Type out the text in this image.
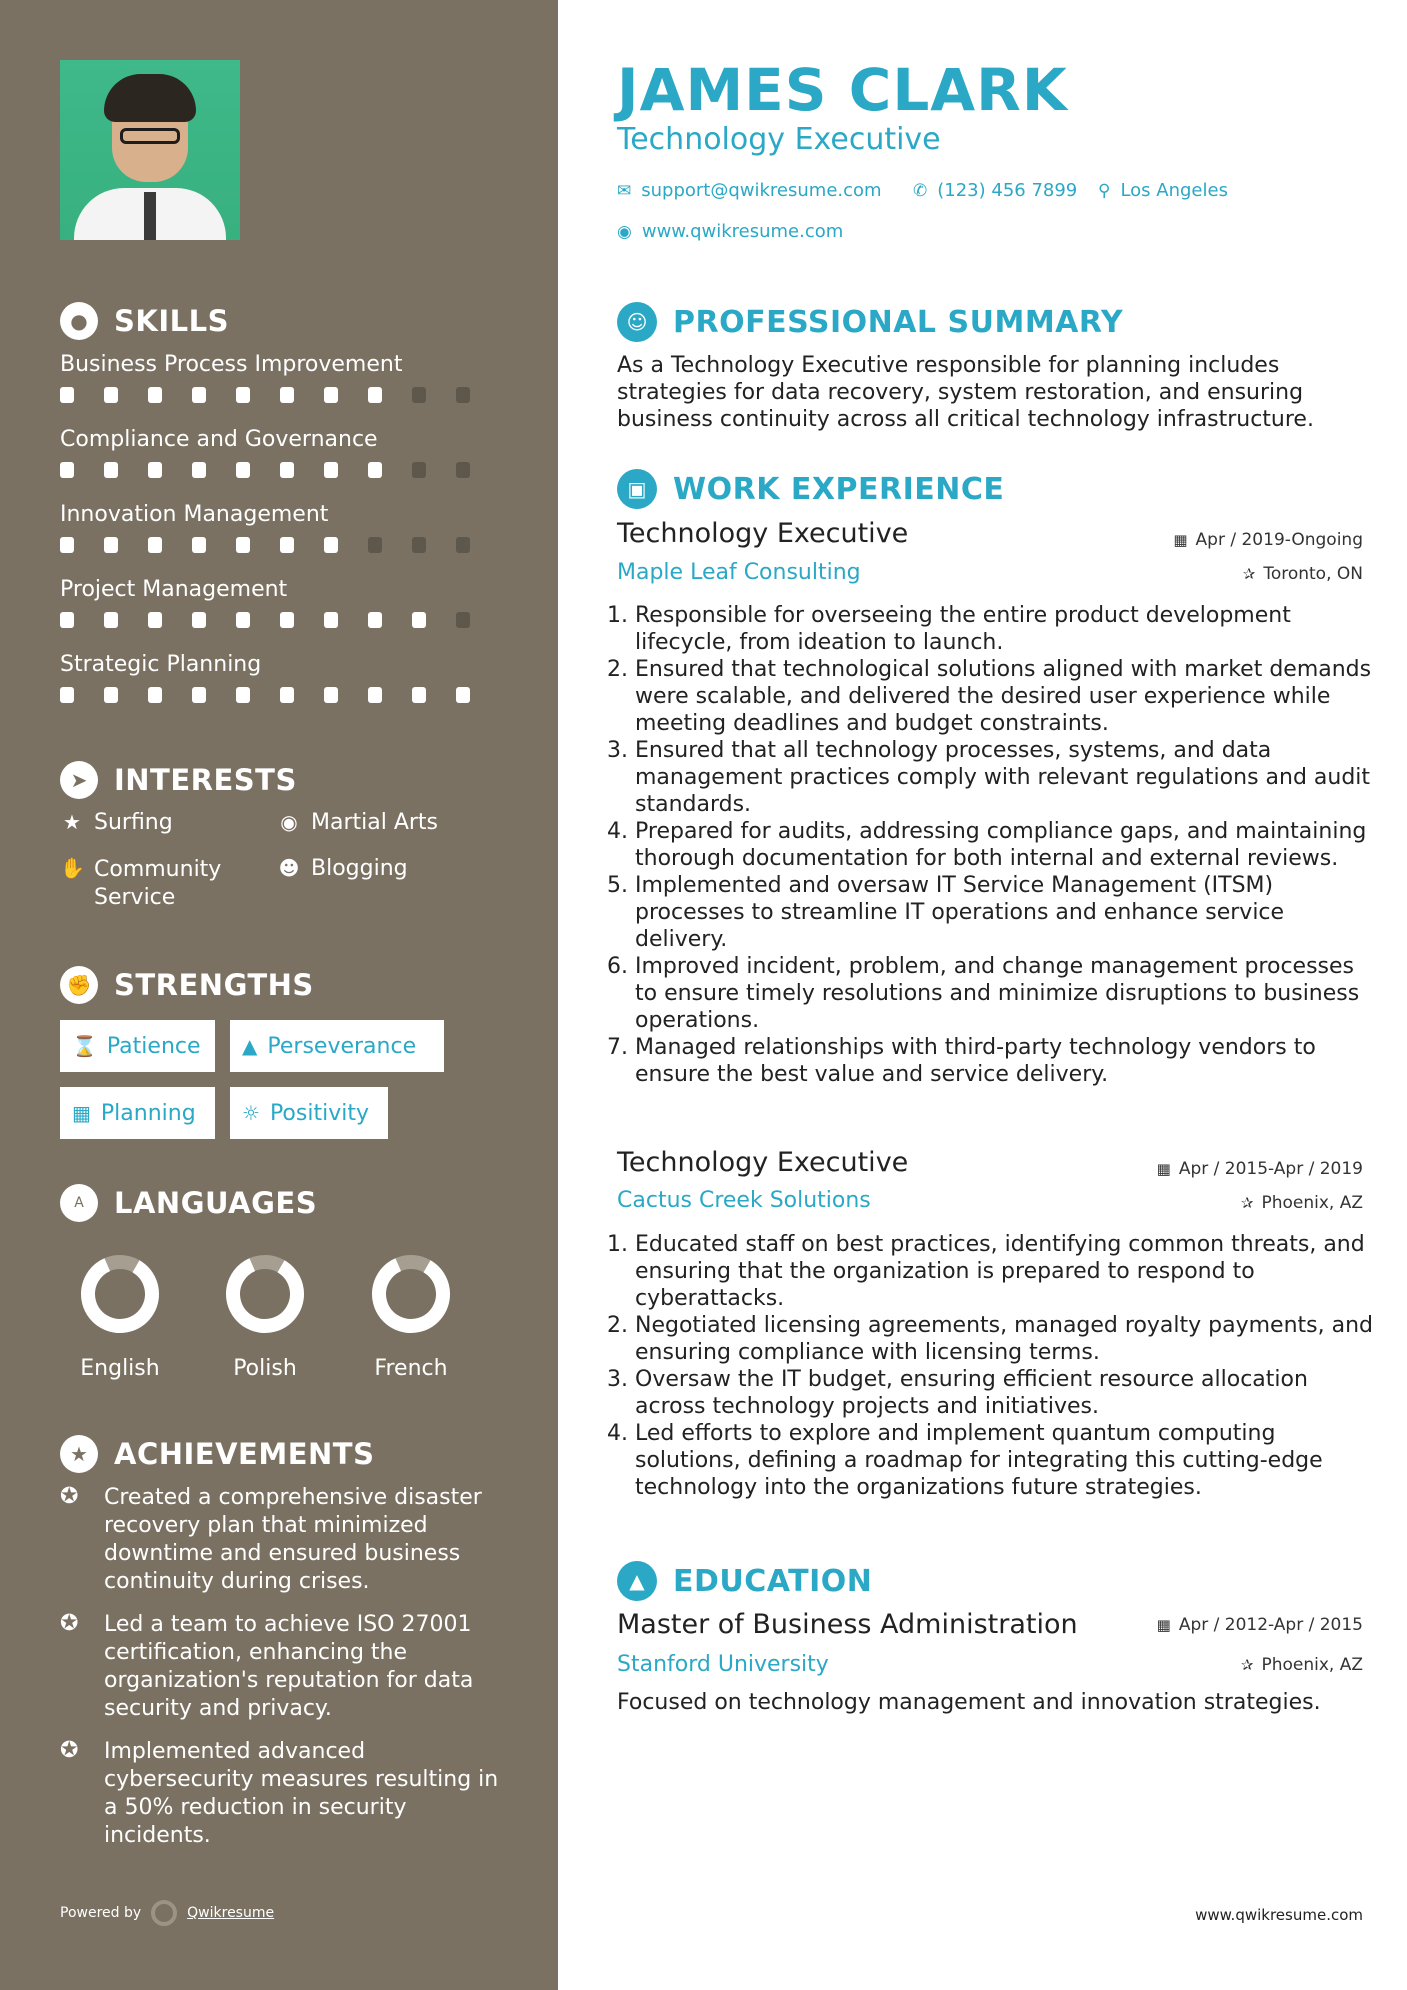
● SKILLS
Business Process Improvement
Compliance and Governance
Innovation Management
Project Management
Strategic Planning
➤ INTERESTS
★ Surfing	◉ Martial Arts
✋ Community Service
☻ Blogging
✊ STRENGTHS
⌛ Patience ▲ Perseverance
▦ Planning ☼ Positivity
A	LANGUAGES
English	Polish	French
★ ACHIEVEMENTS
✪	Created a comprehensive disaster recovery plan that minimized downtime and ensured business continuity during crises.
✪	Led a team to achieve ISO 27001 certification, enhancing the organization's reputation for data security and privacy.
✪	Implemented advanced cybersecurity measures resulting in a 50% reduction in security incidents.
Powered by	Qwikresume
JAMES CLARK
Technology Executive
✉ support@qwikresume.com ✆ (123) 456 7899 ⚲ Los Angeles
◉ www.qwikresume.com
☺ PROFESSIONAL SUMMARY
As a Technology Executive responsible for planning includes strategies for data recovery, system restoration, and ensuring business continuity across all critical technology infrastructure.
▣ WORK EXPERIENCE
Technology Executive	▦ Apr / 2019-Ongoing
Maple Leaf Consulting	✰ Toronto, ON
1. Responsible for overseeing the entire product development lifecycle, from ideation to launch.
2. Ensured that technological solutions aligned with market demands were scalable, and delivered the desired user experience while meeting deadlines and budget constraints.
3. Ensured that all technology processes, systems, and data management practices comply with relevant regulations and audit standards.
4. Prepared for audits, addressing compliance gaps, and maintaining thorough documentation for both internal and external reviews.
5. Implemented and oversaw IT Service Management (ITSM) processes to streamline IT operations and enhance service delivery.
6. Improved incident, problem, and change management processes to ensure timely resolutions and minimize disruptions to business operations.
7. Managed relationships with third-party technology vendors to ensure the best value and service delivery.
Technology Executive	▦ Apr / 2015-Apr / 2019
Cactus Creek Solutions	✰ Phoenix, AZ
1. Educated staff on best practices, identifying common threats, and ensuring that the organization is prepared to respond to cyberattacks.
2. Negotiated licensing agreements, managed royalty payments, and ensuring compliance with licensing terms.
3. Oversaw the IT budget, ensuring efficient resource allocation across technology projects and initiatives.
4. Led efforts to explore and implement quantum computing solutions, defining a roadmap for integrating this cutting-edge technology into the organizations future strategies.
▲ EDUCATION
Master of Business Administration	▦ Apr / 2012-Apr / 2015
Stanford University	✰ Phoenix, AZ
Focused on technology management and innovation strategies.
www.qwikresume.com
